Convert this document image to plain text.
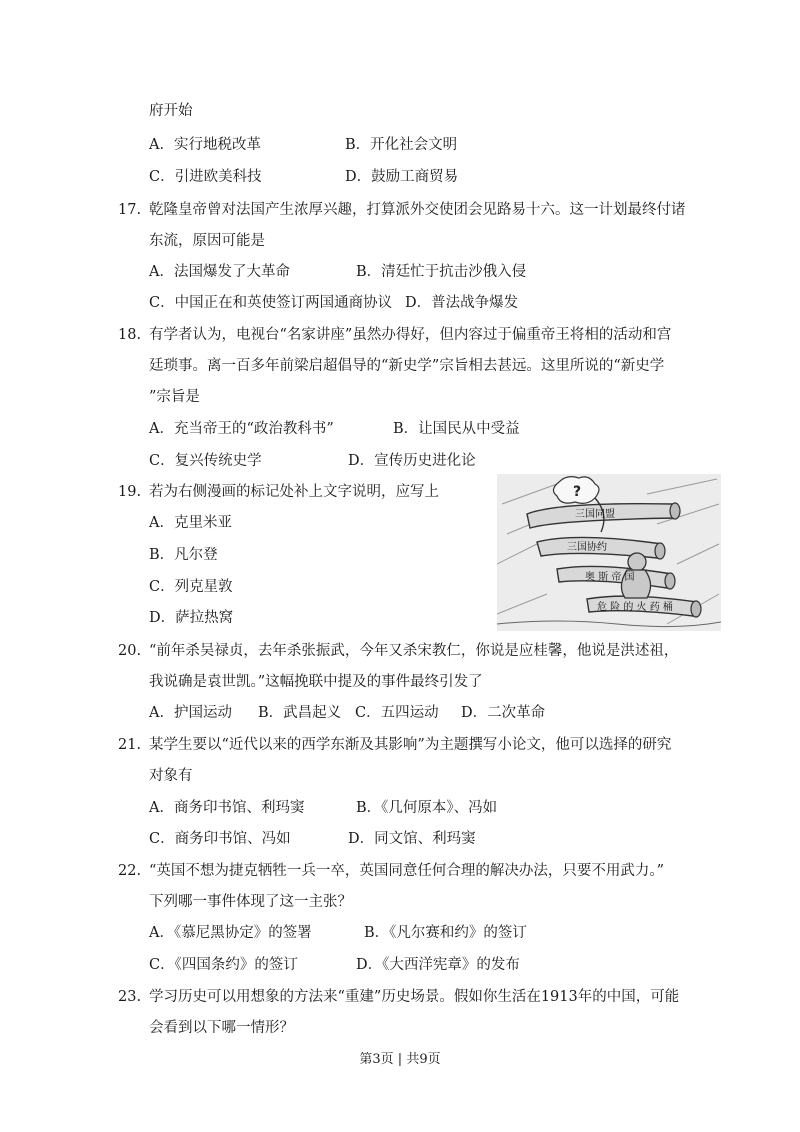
府开始
A．实行地税改革	B．开化社会文明
C．引进欧美科技	D．鼓励工商贸易
17. 乾隆皇帝曾对法国产生浓厚兴趣，打算派外交使团会见路易十六。这一计划最终付诸
东流，原因可能是
A．法国爆发了大革命	B．清廷忙于抗击沙俄入侵
C．中国正在和英使签订两国通商协议 D．普法战争爆发
18. 有学者认为，电视台“名家讲座”虽然办得好，但内容过于偏重帝王将相的活动和宫
廷琐事。离一百多年前梁启超倡导的“新史学”宗旨相去甚远。这里所说的“新史学
”宗旨是
A．充当帝王的“政治教科书”	B．让国民从中受益
C．复兴传统史学	D．宣传历史进化论
19. 若为右侧漫画的标记处补上文字说明，应写上
A．克里米亚
B．凡尔登
C．列克星敦
D．萨拉热窝
?
三国同盟
三国协约
奥 斯 帝 国
危 险 的 火 药 桶
20. “前年杀吴禄贞，去年杀张振武，今年又杀宋教仁，你说是应桂馨，他说是洪述祖，
我说确是袁世凯。”这幅挽联中提及的事件最终引发了
A．护国运动 B．武昌起义 C．五四运动 D．二次革命
21. 某学生要以“近代以来的西学东渐及其影响”为主题撰写小论文，他可以选择的研究
对象有
A．商务印书馆、利玛窦	B．《几何原本》、冯如
C．商务印书馆、冯如	D．同文馆、利玛窦
22. “英国不想为捷克牺牲一兵一卒，英国同意任何合理的解决办法，只要不用武力。”
下列哪一事件体现了这一主张？
A．《慕尼黑协定》的签署	B．《凡尔赛和约》的签订
C．《四国条约》的签订	D．《大西洋宪章》的发布
23. 学习历史可以用想象的方法来“重建”历史场景。假如你生活在1913年的中国，可能
会看到以下哪一情形？
第3页 | 共9页
